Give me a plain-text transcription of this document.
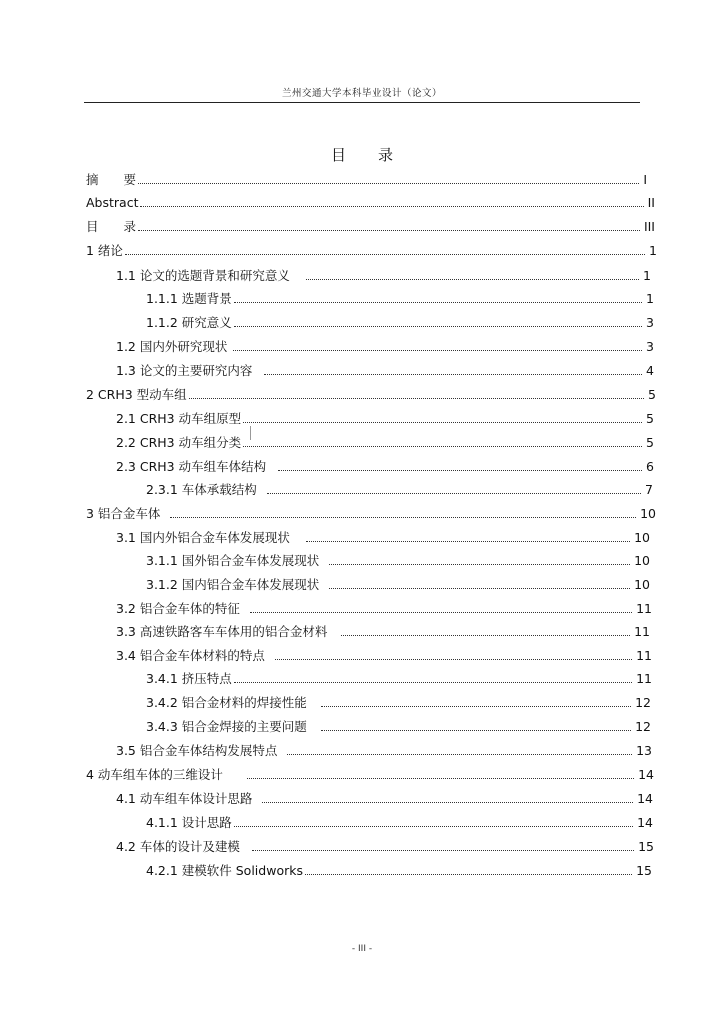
兰州交通大学本科毕业设计（论文）
目录
摘　　要	I
Abstract	II
目　　录	III
1 绪论	1
1.1 论文的选题背景和研究意义	1
1.1.1 选题背景	1
1.1.2 研究意义	3
1.2 国内外研究现状	3
1.3 论文的主要研究内容	4
2 CRH3 型动车组	5
2.1 CRH3 动车组原型	5
2.2 CRH3 动车组分类	5
2.3 CRH3 动车组车体结构	6
2.3.1 车体承载结构	7
3 铝合金车体	10
3.1 国内外铝合金车体发展现状	10
3.1.1 国外铝合金车体发展现状	10
3.1.2 国内铝合金车体发展现状	10
3.2 铝合金车体的特征	11
3.3 高速铁路客车车体用的铝合金材料	11
3.4 铝合金车体材料的特点	11
3.4.1 挤压特点	11
3.4.2 铝合金材料的焊接性能	12
3.4.3 铝合金焊接的主要问题	12
3.5 铝合金车体结构发展特点	13
4 动车组车体的三维设计	14
4.1 动车组车体设计思路	14
4.1.1 设计思路	14
4.2 车体的设计及建模	15
4.2.1 建模软件 Solidworks	15
- III -
